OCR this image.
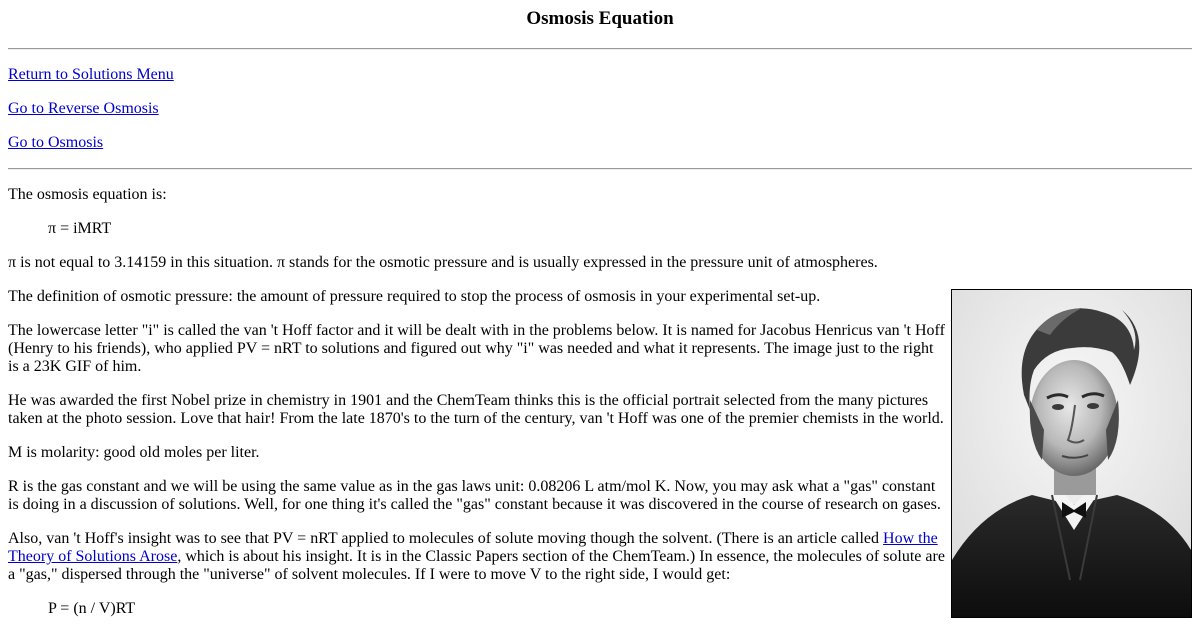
Osmosis Equation

Return to Solutions Menu

Go to Reverse Osmosis

Go to Osmosis

The osmosis equation is:

π = iMRT

π is not equal to 3.14159 in this situation. π stands for the osmotic pressure and is usually expressed in the pressure unit of atmospheres.

The definition of osmotic pressure: the amount of pressure required to stop the process of osmosis in your experimental set-up.

The lowercase letter "i" is called the van 't Hoff factor and it will be dealt with in the problems below. It is named for Jacobus Henricus van 't Hoff (Henry to his friends), who applied PV = nRT to solutions and figured out why "i" was needed and what it represents. The image just to the right is a 23K GIF of him.

He was awarded the first Nobel prize in chemistry in 1901 and the ChemTeam thinks this is the official portrait selected from the many pictures taken at the photo session. Love that hair! From the late 1870's to the turn of the century, van 't Hoff was one of the premier chemists in the world.

M is molarity: good old moles per liter.

R is the gas constant and we will be using the same value as in the gas laws unit: 0.08206 L atm/mol K. Now, you may ask what a "gas" constant is doing in a discussion of solutions. Well, for one thing it's called the "gas" constant because it was discovered in the course of research on gases.

Also, van 't Hoff's insight was to see that PV = nRT applied to molecules of solute moving though the solvent. (There is an article called How the Theory of Solutions Arose, which is about his insight. It is in the Classic Papers section of the ChemTeam.) In essence, the molecules of solute are a "gas," dispersed through the "universe" of solvent molecules. If I were to move V to the right side, I would get:

P = (n / V)RT
